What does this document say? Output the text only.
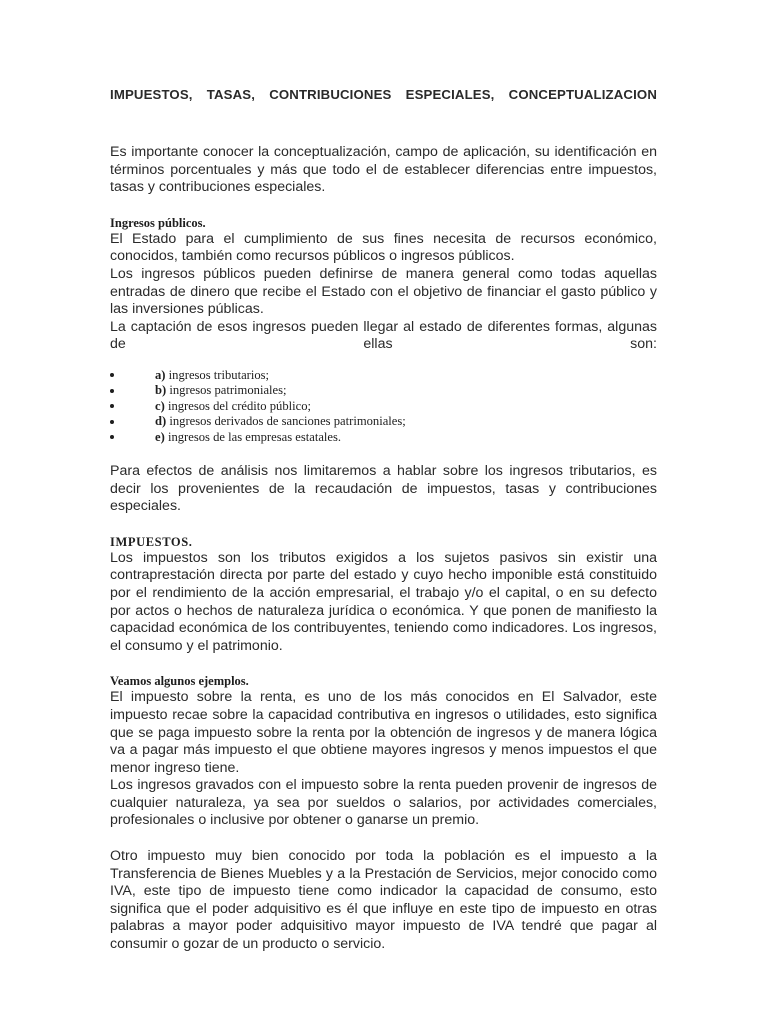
IMPUESTOS, TASAS, CONTRIBUCIONES ESPECIALES, CONCEPTUALIZACION

Es importante conocer la conceptualización, campo de aplicación, su identificación en términos porcentuales y más que todo el de establecer diferencias entre impuestos, tasas y contribuciones especiales.

Ingresos públicos.

El Estado para el cumplimiento de sus fines necesita de recursos económico, conocidos, también como recursos públicos o ingresos públicos.

Los ingresos públicos pueden definirse de manera general como todas aquellas entradas de dinero que recibe el Estado con el objetivo de financiar el gasto público y las inversiones públicas.

La captación de esos ingresos pueden llegar al estado de diferentes formas, algunas de ellas son:

a) ingresos tributarios;
b) ingresos patrimoniales;
c) ingresos del crédito público;
d) ingresos derivados de sanciones patrimoniales;
e) ingresos de las empresas estatales.

Para efectos de análisis nos limitaremos a hablar sobre los ingresos tributarios, es decir los provenientes de la recaudación de impuestos, tasas y contribuciones especiales.

IMPUESTOS.

Los impuestos son los tributos exigidos a los sujetos pasivos sin existir una contraprestación directa por parte del estado y cuyo hecho imponible está constituido por el rendimiento de la acción empresarial, el trabajo y/o el capital, o en su defecto por actos o hechos de naturaleza jurídica o económica. Y que ponen de manifiesto la capacidad económica de los contribuyentes, teniendo como indicadores. Los ingresos, el consumo y el patrimonio.

Veamos algunos ejemplos.

El impuesto sobre la renta, es uno de los más conocidos en El Salvador, este impuesto recae sobre la capacidad contributiva en ingresos o utilidades, esto significa que se paga impuesto sobre la renta por la obtención de ingresos y de manera lógica va a pagar más impuesto el que obtiene mayores ingresos y menos impuestos el que menor ingreso tiene.

Los ingresos gravados con el impuesto sobre la renta pueden provenir de ingresos de cualquier naturaleza, ya sea por sueldos o salarios, por actividades comerciales, profesionales o inclusive por obtener o ganarse un premio.

Otro impuesto muy bien conocido por toda la población es el impuesto a la Transferencia de Bienes Muebles y a la Prestación de Servicios, mejor conocido como IVA, este tipo de impuesto tiene como indicador la capacidad de consumo, esto significa que el poder adquisitivo es él que influye en este tipo de impuesto en otras palabras a mayor poder adquisitivo mayor impuesto de IVA tendré que pagar al consumir o gozar de un producto o servicio.
